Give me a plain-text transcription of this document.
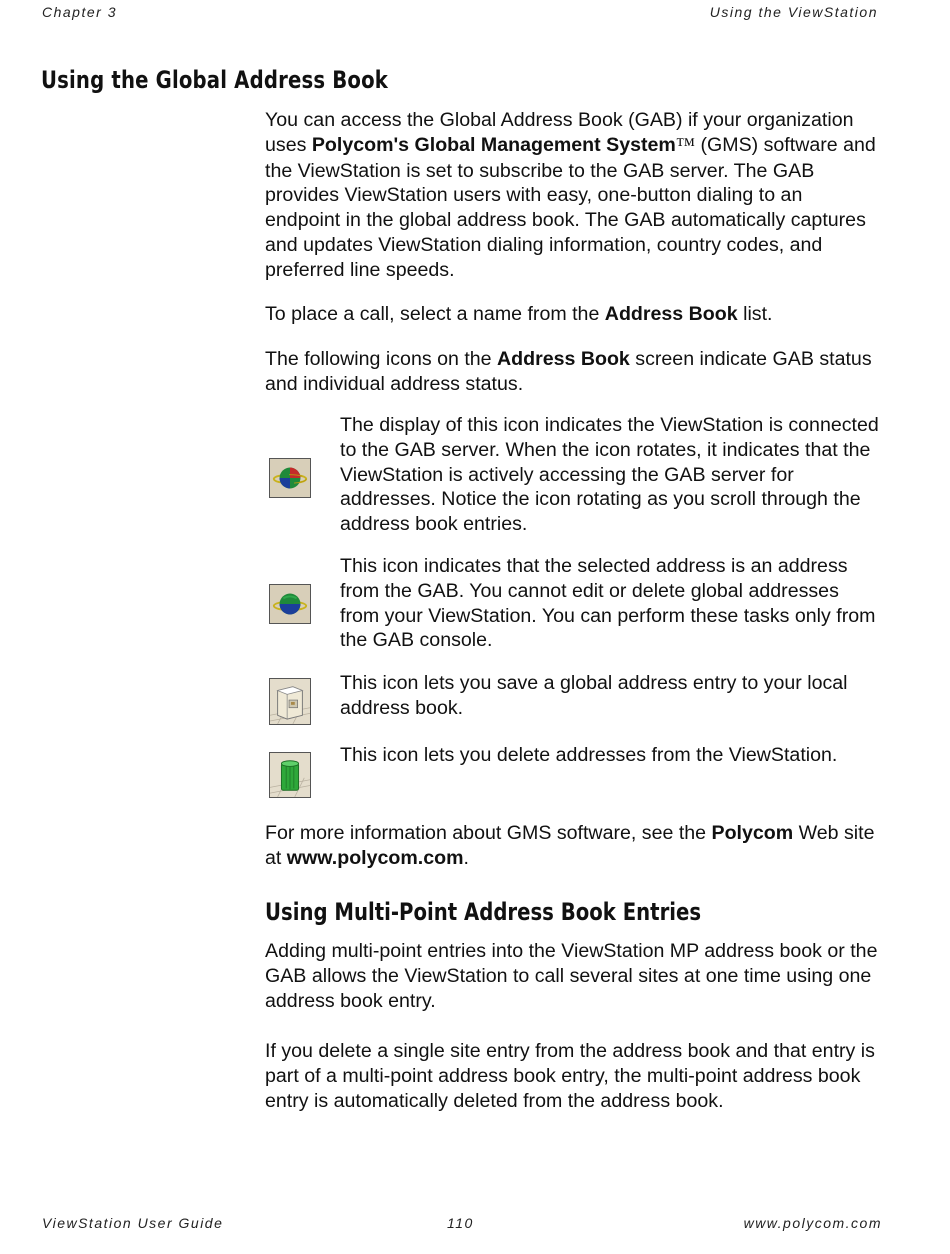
Chapter 3	Using the ViewStation
Using the Global Address Book

You can access the Global Address Book (GAB) if your organization uses Polycom's Global Management System™ (GMS) software and the ViewStation is set to subscribe to the GAB server. The GAB provides ViewStation users with easy, one-button dialing to an endpoint in the global address book. The GAB automatically captures and updates ViewStation dialing information, country codes, and preferred line speeds.

To place a call, select a name from the Address Book list.

The following icons on the Address Book screen indicate GAB status and individual address status.

The display of this icon indicates the ViewStation is connected to the GAB server. When the icon rotates, it indicates that the ViewStation is actively accessing the GAB server for addresses. Notice the icon rotating as you scroll through the address book entries.

This icon indicates that the selected address is an address from the GAB. You cannot edit or delete global addresses from your ViewStation. You can perform these tasks only from the GAB console.

This icon lets you save a global address entry to your local address book.

This icon lets you delete addresses from the ViewStation.

For more information about GMS software, see the Polycom Web site at www.polycom.com.

Using Multi-Point Address Book Entries

Adding multi-point entries into the ViewStation MP address book or the GAB allows the ViewStation to call several sites at one time using one address book entry.

If you delete a single site entry from the address book and that entry is part of a multi-point address book entry, the multi-point address book entry is automatically deleted from the address book.

ViewStation User Guide	110	www.polycom.com
